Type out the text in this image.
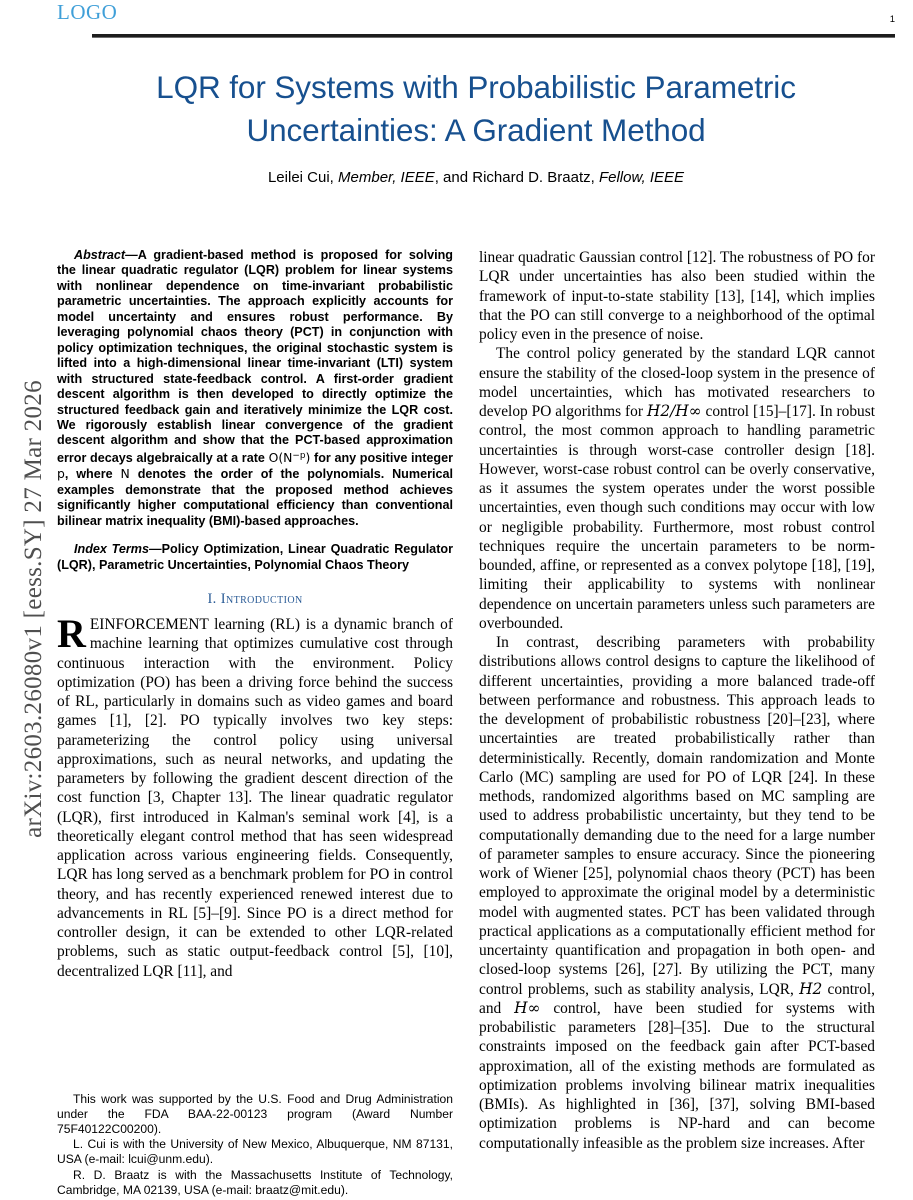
arXiv:2603.26080v1 [eess.SY] 27 Mar 2026
LOGO	1
LQR for Systems with Probabilistic Parametric Uncertainties: A Gradient Method
Leilei Cui, Member, IEEE, and Richard D. Braatz, Fellow, IEEE

Abstract—A gradient-based method is proposed for solving the linear quadratic regulator (LQR) problem for linear systems with nonlinear dependence on time-invariant probabilistic parametric uncertainties. The approach explicitly accounts for model uncertainty and ensures robust performance. By leveraging polynomial chaos theory (PCT) in conjunction with policy optimization techniques, the original stochastic system is lifted into a high-dimensional linear time-invariant (LTI) system with structured state-feedback control. A first-order gradient descent algorithm is then developed to directly optimize the structured feedback gain and iteratively minimize the LQR cost. We rigorously establish linear convergence of the gradient descent algorithm and show that the PCT-based approximation error decays algebraically at a rate $O(N^{-p})$ for any positive integer p, where N denotes the order of the polynomials. Numerical examples demonstrate that the proposed method achieves significantly higher computational efficiency than conventional bilinear matrix inequality (BMI)-based approaches.

Index Terms—Policy Optimization, Linear Quadratic Regulator (LQR), Parametric Uncertainties, Polynomial Chaos Theory

I. Introduction

REINFORCEMENT learning (RL) is a dynamic branch of machine learning that optimizes cumulative cost through continuous interaction with the environment. Policy optimization (PO) has been a driving force behind the success of RL, particularly in domains such as video games and board games [1], [2]. PO typically involves two key steps: parameterizing the control policy using universal approximations, such as neural networks, and updating the parameters by following the gradient descent direction of the cost function [3, Chapter 13]. The linear quadratic regulator (LQR), first introduced in Kalman's seminal work [4], is a theoretically elegant control method that has seen widespread application across various engineering fields. Consequently, LQR has long served as a benchmark problem for PO in control theory, and has recently experienced renewed interest due to advancements in RL [5]–[9]. Since PO is a direct method for controller design, it can be extended to other LQR-related problems, such as static output-feedback control [5], [10], decentralized LQR [11], and

This work was supported by the U.S. Food and Drug Administration under the FDA BAA-22-00123 program (Award Number 75F40122C00200).

L. Cui is with the University of New Mexico, Albuquerque, NM 87131, USA (e-mail: lcui@unm.edu).

R. D. Braatz is with the Massachusetts Institute of Technology, Cambridge, MA 02139, USA (e-mail: braatz@mit.edu).

linear quadratic Gaussian control [12]. The robustness of PO for LQR under uncertainties has also been studied within the framework of input-to-state stability [13], [14], which implies that the PO can still converge to a neighborhood of the optimal policy even in the presence of noise.

The control policy generated by the standard LQR cannot ensure the stability of the closed-loop system in the presence of model uncertainties, which has motivated researchers to develop PO algorithms for H2/H∞ control [15]–[17]. In robust control, the most common approach to handling parametric uncertainties is through worst-case controller design [18]. However, worst-case robust control can be overly conservative, as it assumes the system operates under the worst possible uncertainties, even though such conditions may occur with low or negligible probability. Furthermore, most robust control techniques require the uncertain parameters to be norm-bounded, affine, or represented as a convex polytope [18], [19], limiting their applicability to systems with nonlinear dependence on uncertain parameters unless such parameters are overbounded.

In contrast, describing parameters with probability distributions allows control designs to capture the likelihood of different uncertainties, providing a more balanced trade-off between performance and robustness. This approach leads to the development of probabilistic robustness [20]–[23], where uncertainties are treated probabilistically rather than deterministically. Recently, domain randomization and Monte Carlo (MC) sampling are used for PO of LQR [24]. In these methods, randomized algorithms based on MC sampling are used to address probabilistic uncertainty, but they tend to be computationally demanding due to the need for a large number of parameter samples to ensure accuracy. Since the pioneering work of Wiener [25], polynomial chaos theory (PCT) has been employed to approximate the original model by a deterministic model with augmented states. PCT has been validated through practical applications as a computationally efficient method for uncertainty quantification and propagation in both open- and closed-loop systems [26], [27]. By utilizing the PCT, many control problems, such as stability analysis, LQR, H2 control, and H∞ control, have been studied for systems with probabilistic parameters [28]–[35]. Due to the structural constraints imposed on the feedback gain after PCT-based approximation, all of the existing methods are formulated as optimization problems involving bilinear matrix inequalities (BMIs). As highlighted in [36], [37], solving BMI-based optimization problems is NP-hard and can become computationally infeasible as the problem size increases. After
